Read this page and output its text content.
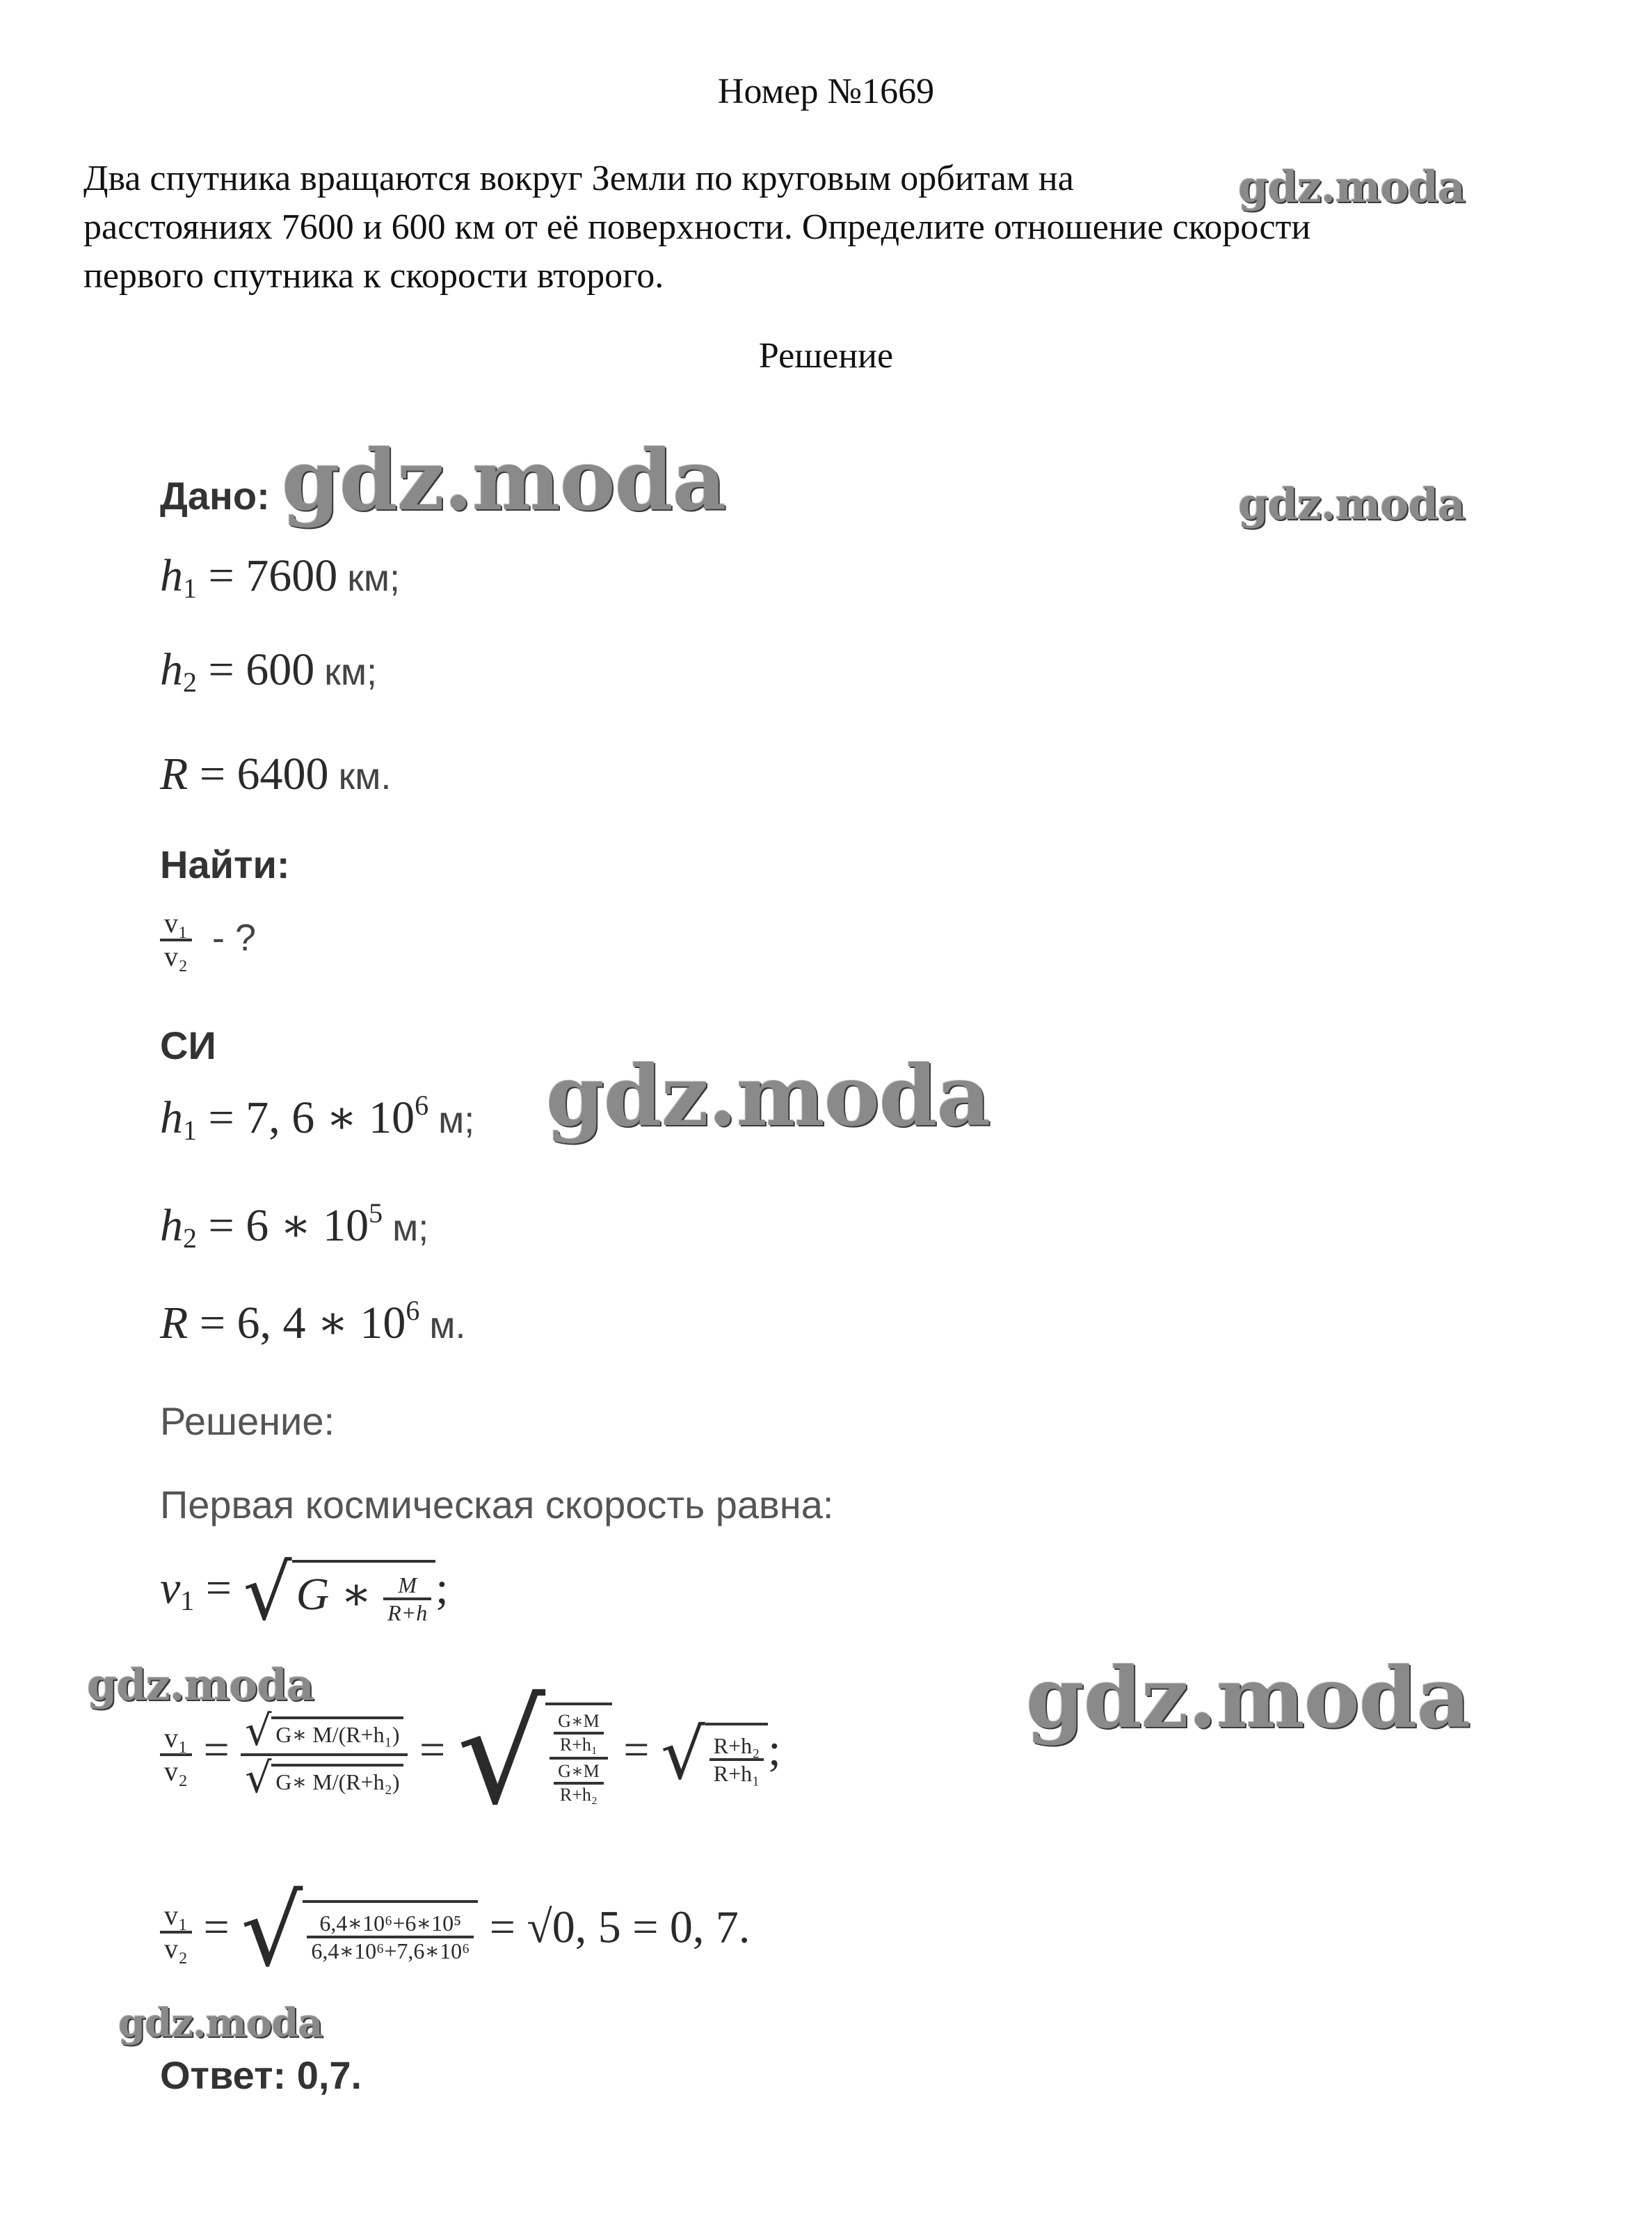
Номер №1669
Два спутника вращаются вокруг Земли по круговым орбитам на
расстояниях 7600 и 600 км от её поверхности. Определите отношение скорости
первого спутника к скорости второго.
Решение
Дано:
$h_1 = 7600$ км;
$h_2 = 600$ км;
R = 6400 км.
Найти:
$\frac{\text{v₁}}{\text{v₂}}$ - ?
СИ
$h_1 = 7$, 6 ∗ $10^6$ м;
$h_2 = 6$ ∗ $10^5$ м;
R = 6, 4 ∗ $10^6$ м.
Решение:
Первая космическая скорость равна:
$v_1 = √G$ ∗ $\frac{M}{R+h}$ ;
$\frac{\text{v₁}}{\text{v₂}} = \frac{\text{√ G∗ M/(R+h₁)}}{\text{√ G∗ M/(R+h₂)}}$ = √ $\frac{\frac{G∗M}{\text{R+h₁}}}{\frac{G∗M}{\text{R+h₂}}}$ = √ $\frac{\text{R+h₂}}{\text{R+h₁}}$ ;
$\frac{\text{v₁}}{\text{v₂}}$ = √ $\frac{\text{6,4∗10⁶+6∗10⁵}}{\text{6,4∗10⁶+7,6∗10⁶}} = √0$, 5 = 0, 7.
Ответ: 0,7.
gdz.moda
gdz.moda	gdz.moda
gdz.moda
gdz.moda	gdz.moda
gdz.moda
